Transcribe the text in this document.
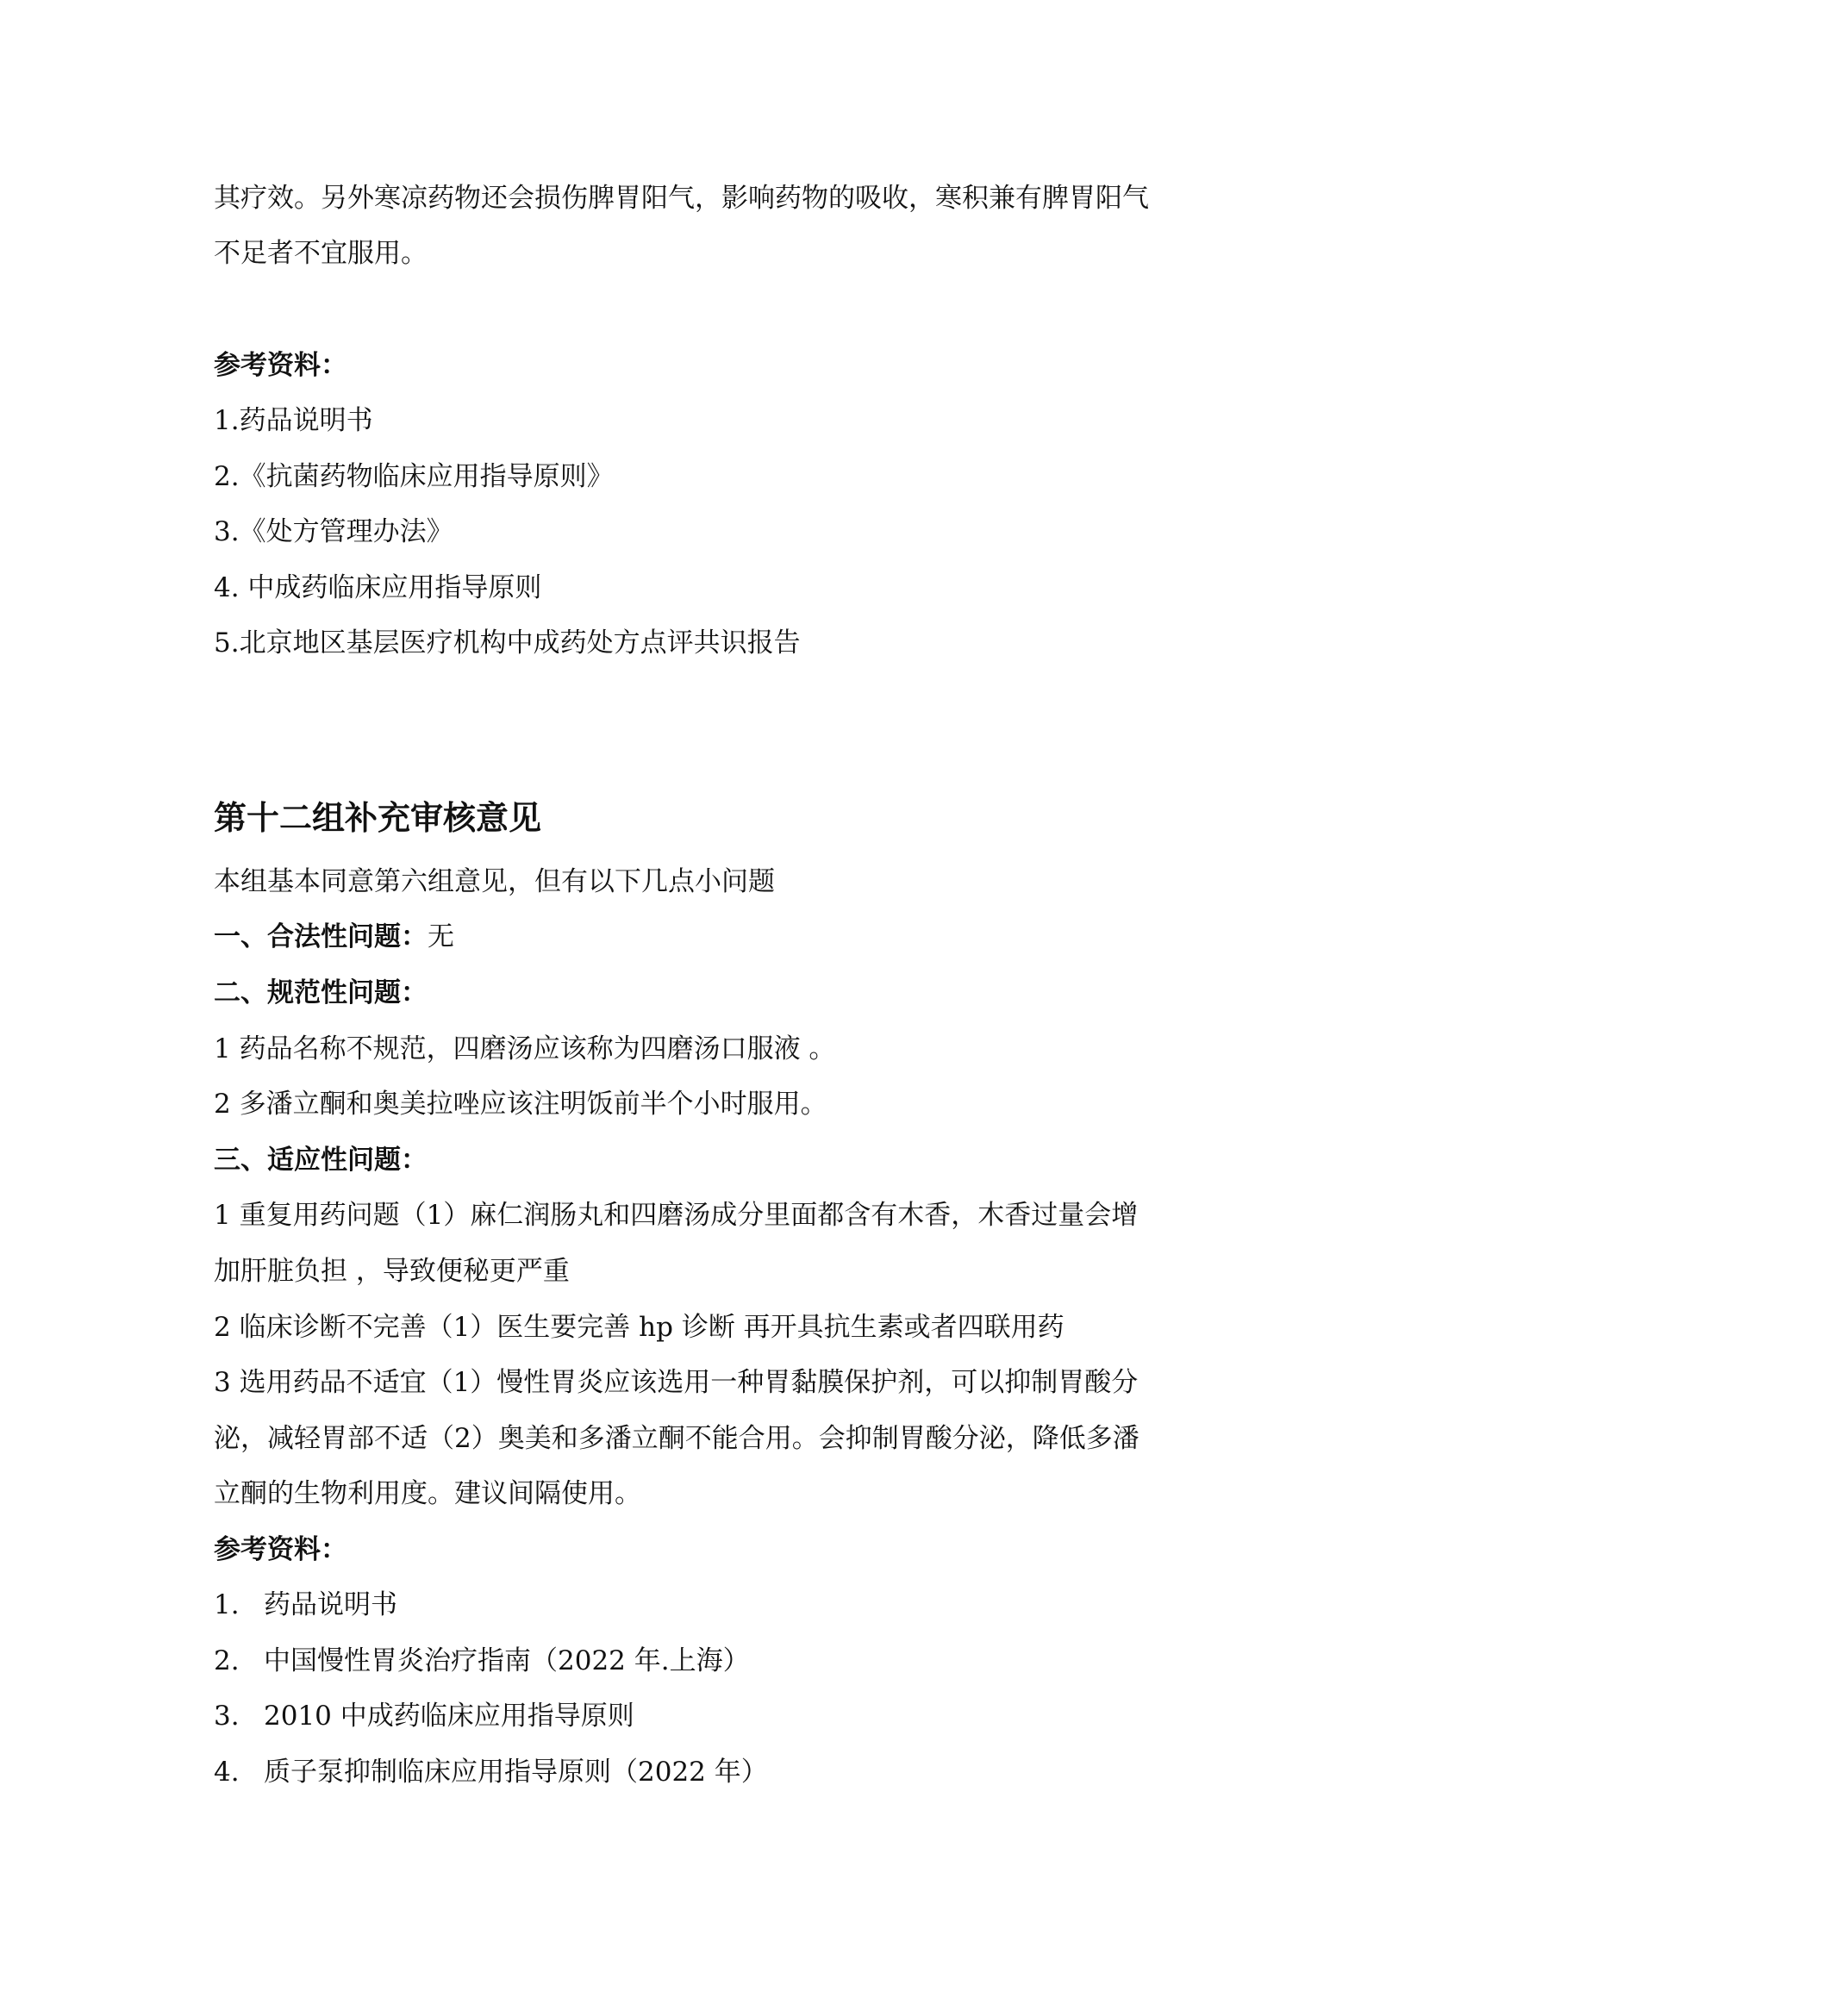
其疗效。另外寒凉药物还会损伤脾胃阳气，影响药物的吸收，寒积兼有脾胃阳气
不足者不宜服用。
参考资料：
1.药品说明书
2.《抗菌药物临床应用指导原则》
3.《处方管理办法》
4. 中成药临床应用指导原则
5.北京地区基层医疗机构中成药处方点评共识报告
第十二组补充审核意见
本组基本同意第六组意见，但有以下几点小问题
一、合法性问题：无
二、规范性问题：
1 药品名称不规范，四磨汤应该称为四磨汤口服液 。
2 多潘立酮和奥美拉唑应该注明饭前半个小时服用。
三、适应性问题：
1 重复用药问题（1）麻仁润肠丸和四磨汤成分里面都含有木香，木香过量会增
加肝脏负担 ，导致便秘更严重
2 临床诊断不完善（1）医生要完善 hp 诊断 再开具抗生素或者四联用药
3 选用药品不适宜（1）慢性胃炎应该选用一种胃黏膜保护剂，可以抑制胃酸分
泌，减轻胃部不适（2）奥美和多潘立酮不能合用。会抑制胃酸分泌，降低多潘
立酮的生物利用度。建议间隔使用。
参考资料：
1. 药品说明书
2. 中国慢性胃炎治疗指南（2022 年.上海）
3. 2010 中成药临床应用指导原则
4. 质子泵抑制临床应用指导原则（2022 年）
